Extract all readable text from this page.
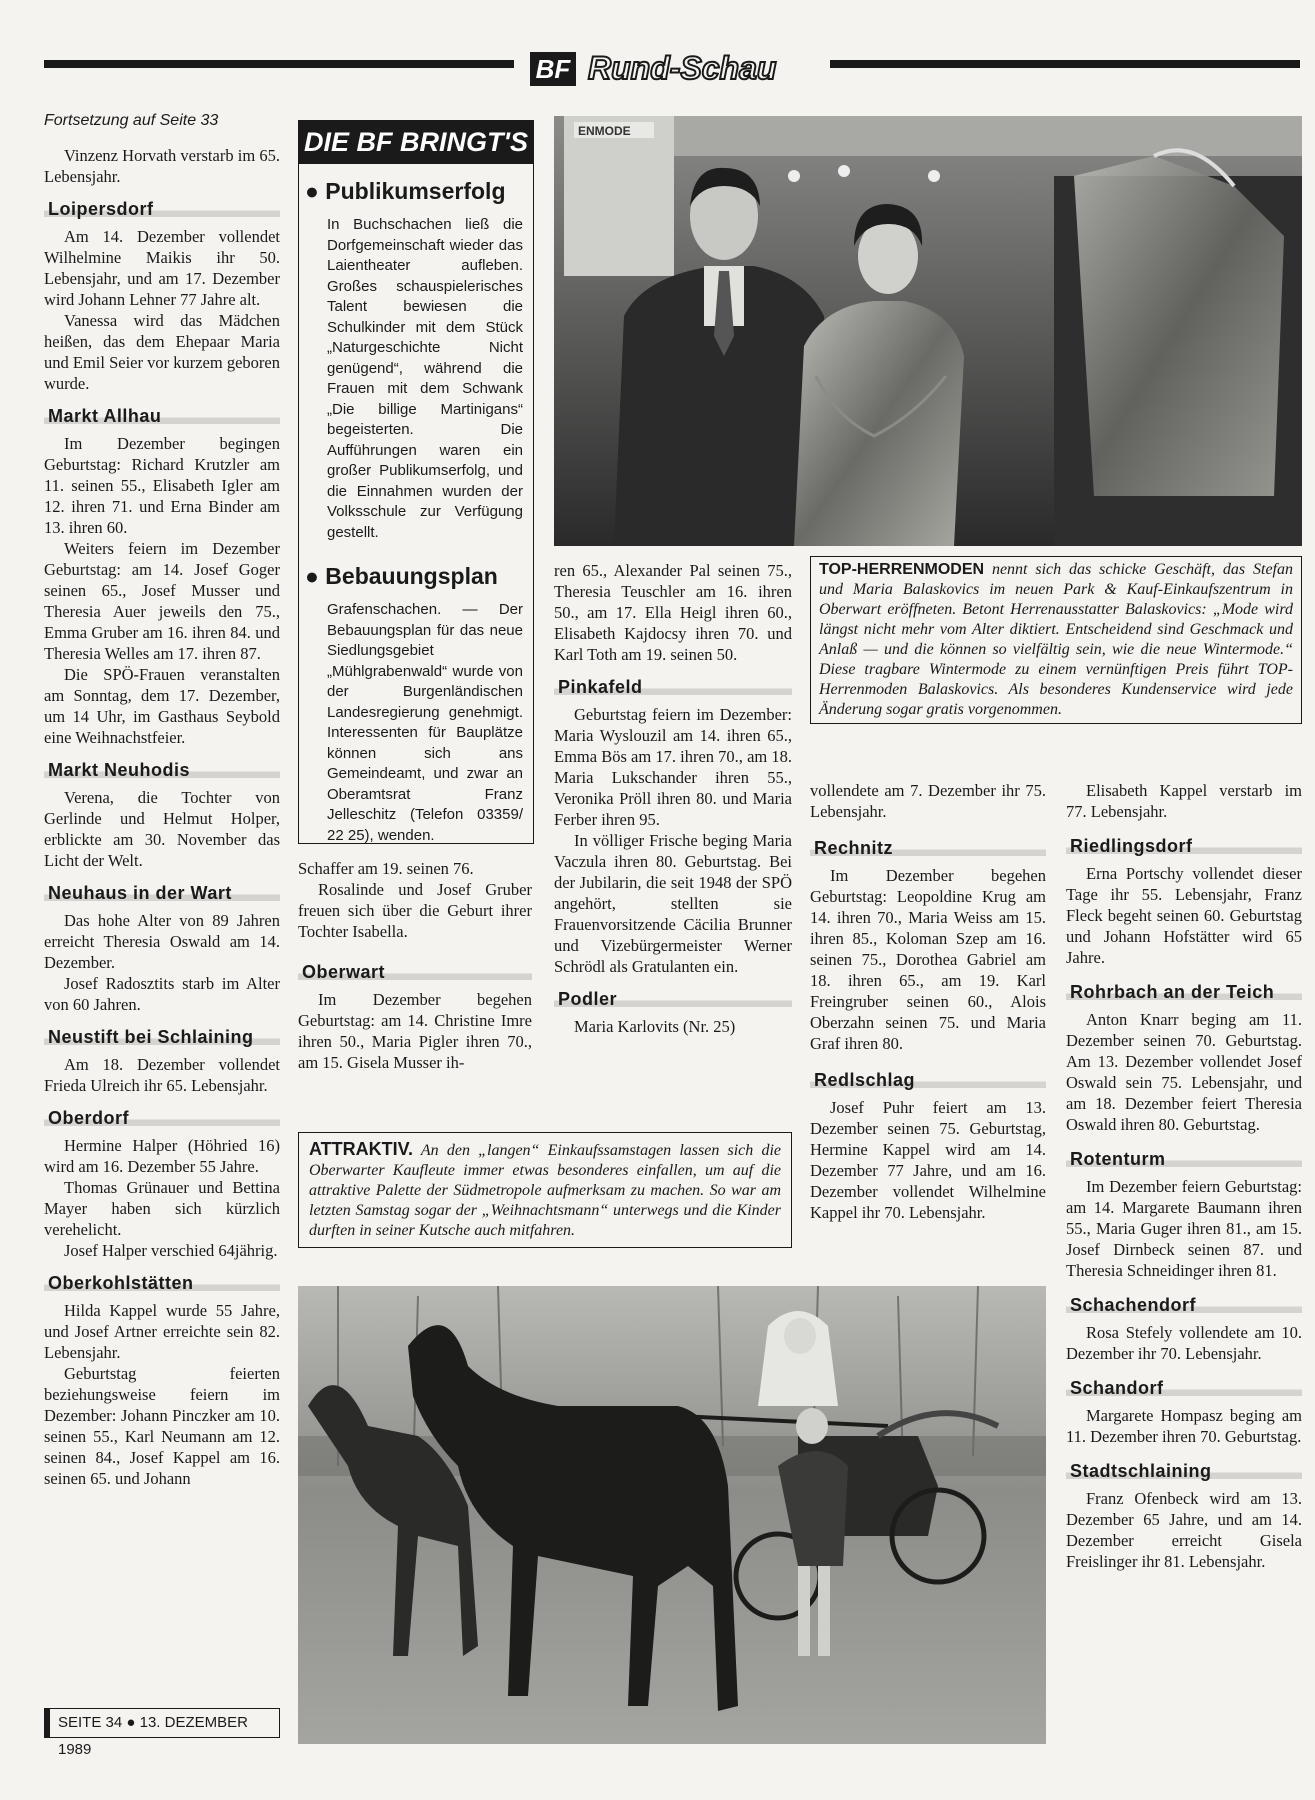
BF Rund-Schau
Fortsetzung auf Seite 33

Vinzenz Horvath verstarb im 65. Lebensjahr.

Loipersdorf

Am 14. Dezember vollendet Wilhelmine Maikis ihr 50. Lebensjahr, und am 17. Dezember wird Johann Lehner 77 Jahre alt.

Vanessa wird das Mädchen heißen, das dem Ehepaar Maria und Emil Seier vor kurzem geboren wurde.

Markt Allhau

Im Dezember begingen Geburtstag: Richard Krutzler am 11. seinen 55., Elisabeth Igler am 12. ihren 71. und Erna Binder am 13. ihren 60.

Weiters feiern im Dezember Geburtstag: am 14. Josef Goger seinen 65., Josef Musser und Theresia Auer jeweils den 75., Emma Gruber am 16. ihren 84. und Theresia Welles am 17. ihren 87.

Die SPÖ-Frauen veranstalten am Sonntag, dem 17. Dezember, um 14 Uhr, im Gasthaus Seybold eine Weihnachstfeier.

Markt Neuhodis

Verena, die Tochter von Gerlinde und Helmut Holper, erblickte am 30. November das Licht der Welt.

Neuhaus in der Wart

Das hohe Alter von 89 Jahren erreicht Theresia Oswald am 14. Dezember.

Josef Radosztits starb im Alter von 60 Jahren.

Neustift bei Schlaining

Am 18. Dezember vollendet Frieda Ulreich ihr 65. Lebensjahr.

Oberdorf

Hermine Halper (Höhried 16) wird am 16. Dezember 55 Jahre.

Thomas Grünauer und Bettina Mayer haben sich kürzlich verehelicht.

Josef Halper verschied 64jährig.

Oberkohlstätten

Hilda Kappel wurde 55 Jahre, und Josef Artner erreichte sein 82. Lebensjahr.

Geburtstag feierten beziehungsweise feiern im Dezember: Johann Pinczker am 10. seinen 55., Karl Neumann am 12. seinen 84., Josef Kappel am 16. seinen 65. und Johann

SEITE 34 ● 13. DEZEMBER 1989
DIE BF BRINGT'S
● Publikumserfolg
In Buchschachen ließ die Dorfgemeinschaft wieder das Laientheater aufleben. Großes schauspielerisches Talent bewiesen die Schulkinder mit dem Stück „Naturgeschichte Nicht genügend“, während die Frauen mit dem Schwank „Die billige Martinigans“ begeisterten. Die Aufführungen waren ein großer Publikumserfolg, und die Einnahmen wurden der Volksschule zur Verfügung gestellt.
● Bebauungsplan
Grafenschachen. — Der Bebauungsplan für das neue Siedlungsgebiet „Mühlgrabenwald“ wurde von der Burgenländischen Landesregierung genehmigt. Interessenten für Bauplätze können sich ans Gemeindeamt, und zwar an Oberamtsrat Franz Jelleschitz (Telefon 03359/ 22 25), wenden.

Schaffer am 19. seinen 76.

Rosalinde und Josef Gruber freuen sich über die Geburt ihrer Tochter Isabella.

Oberwart

Im Dezember begehen Geburtstag: am 14. Christine Imre ihren 50., Maria Pigler ihren 70., am 15. Gisela Musser ih-

ENMODE
TOP-HERRENMODEN nennt sich das schicke Geschäft, das Stefan und Maria Balaskovics im neuen Park & Kauf-Einkaufszentrum in Oberwart eröffneten. Betont Herrenausstatter Balaskovics: „Mode wird längst nicht mehr vom Alter diktiert. Entscheidend sind Geschmack und Anlaß — und die können so vielfältig sein, wie die neue Wintermode.“ Diese tragbare Wintermode zu einem vernünftigen Preis führt TOP-Herrenmoden Balaskovics. Als besonderes Kundenservice wird jede Änderung sogar gratis vorgenommen.

ren 65., Alexander Pal seinen 75., Theresia Teuschler am 16. ihren 50., am 17. Ella Heigl ihren 60., Elisabeth Kajdocsy ihren 70. und Karl Toth am 19. seinen 50.

Pinkafeld

Geburtstag feiern im Dezember: Maria Wyslouzil am 14. ihren 65., Emma Bös am 17. ihren 70., am 18. Maria Lukschander ihren 55., Veronika Pröll ihren 80. und Maria Ferber ihren 95.

In völliger Frische beging Maria Vaczula ihren 80. Geburtstag. Bei der Jubilarin, die seit 1948 der SPÖ angehört, stellten sie Frauenvorsitzende Cäcilia Brunner und Vizebürgermeister Werner Schrödl als Gratulanten ein.

Podler

Maria Karlovits (Nr. 25)

vollendete am 7. Dezember ihr 75. Lebensjahr.

Rechnitz

Im Dezember begehen Geburtstag: Leopoldine Krug am 14. ihren 70., Maria Weiss am 15. ihren 85., Koloman Szep am 16. seinen 75., Dorothea Gabriel am 18. ihren 65., am 19. Karl Freingruber seinen 60., Alois Oberzahn seinen 75. und Maria Graf ihren 80.

Redlschlag

Josef Puhr feiert am 13. Dezember seinen 75. Geburtstag, Hermine Kappel wird am 14. Dezember 77 Jahre, und am 16. Dezember vollendet Wilhelmine Kappel ihr 70. Lebensjahr.

Elisabeth Kappel verstarb im 77. Lebensjahr.

Riedlingsdorf

Erna Portschy vollendet dieser Tage ihr 55. Lebensjahr, Franz Fleck begeht seinen 60. Geburtstag und Johann Hofstätter wird 65 Jahre.

Rohrbach an der Teich

Anton Knarr beging am 11. Dezember seinen 70. Geburtstag. Am 13. Dezember vollendet Josef Oswald sein 75. Lebensjahr, und am 18. Dezember feiert Theresia Oswald ihren 80. Geburtstag.

Rotenturm

Im Dezember feiern Geburtstag: am 14. Margarete Baumann ihren 55., Maria Guger ihren 81., am 15. Josef Dirnbeck seinen 87. und Theresia Schneidinger ihren 81.

Schachendorf

Rosa Stefely vollendete am 10. Dezember ihr 70. Lebensjahr.

Schandorf

Margarete Hompasz beging am 11. Dezember ihren 70. Geburtstag.

Stadtschlaining

Franz Ofenbeck wird am 13. Dezember 65 Jahre, und am 14. Dezember erreicht Gisela Freislinger ihr 81. Lebensjahr.

ATTRAKTIV. An den „langen“ Einkaufssamstagen lassen sich die Oberwarter Kaufleute immer etwas besonderes einfallen, um auf die attraktive Palette der Südmetropole aufmerksam zu machen. So war am letzten Samstag sogar der „Weihnachtsmann“ unterwegs und die Kinder durften in seiner Kutsche auch mitfahren.
